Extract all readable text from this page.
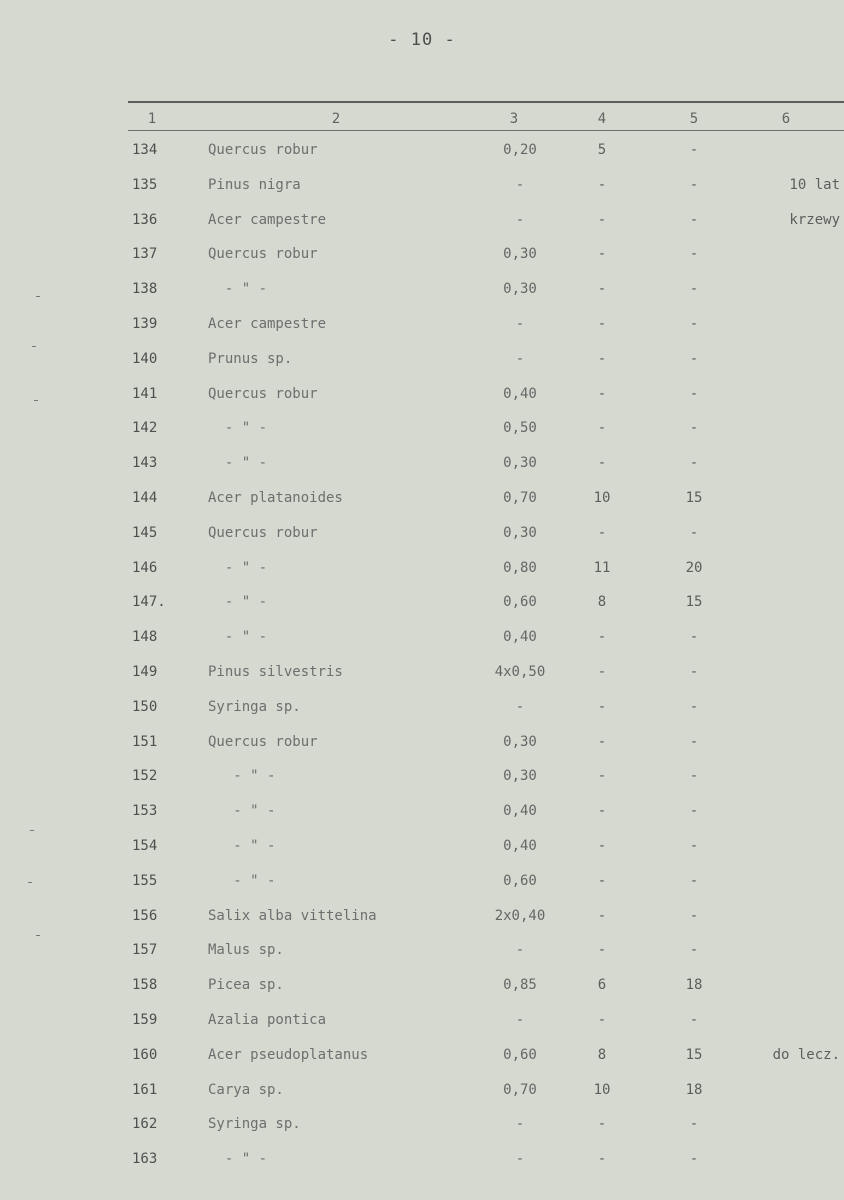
- 10 -
1	2	3	4	5	6
134	Quercus robur	0,20	5	-
135	Pinus nigra	-	-	-	10 lat
136	Acer campestre	-	-	-	krzewy
137	Quercus robur	0,30	-	-
138	- " -	0,30	-	-
139	Acer campestre	-	-	-
140	Prunus sp.	-	-	-
141	Quercus robur	0,40	-	-
142	- " -	0,50	-	-
143	- " -	0,30	-	-
144	Acer platanoides	0,70	10	15
145	Quercus robur	0,30	-	-
146	- " -	0,80	11	20
147.	- " -	0,60	8	15
148	- " -	0,40	-	-
149	Pinus silvestris	4x0,50	-	-
150	Syringa sp.	-	-	-
151	Quercus robur	0,30	-	-
152	- " -	0,30	-	-
153	- " -	0,40	-	-
154	- " -	0,40	-	-
155	- " -	0,60	-	-
156	Salix alba vittelina	2x0,40	-	-
157	Malus sp.	-	-	-
158	Picea sp.	0,85	6	18
159	Azalia pontica	-	-	-
160	Acer pseudoplatanus	0,60	8	15	do lecz.
161	Carya sp.	0,70	10	18
162	Syringa sp.	-	-	-
163	- " -	-	-	-
